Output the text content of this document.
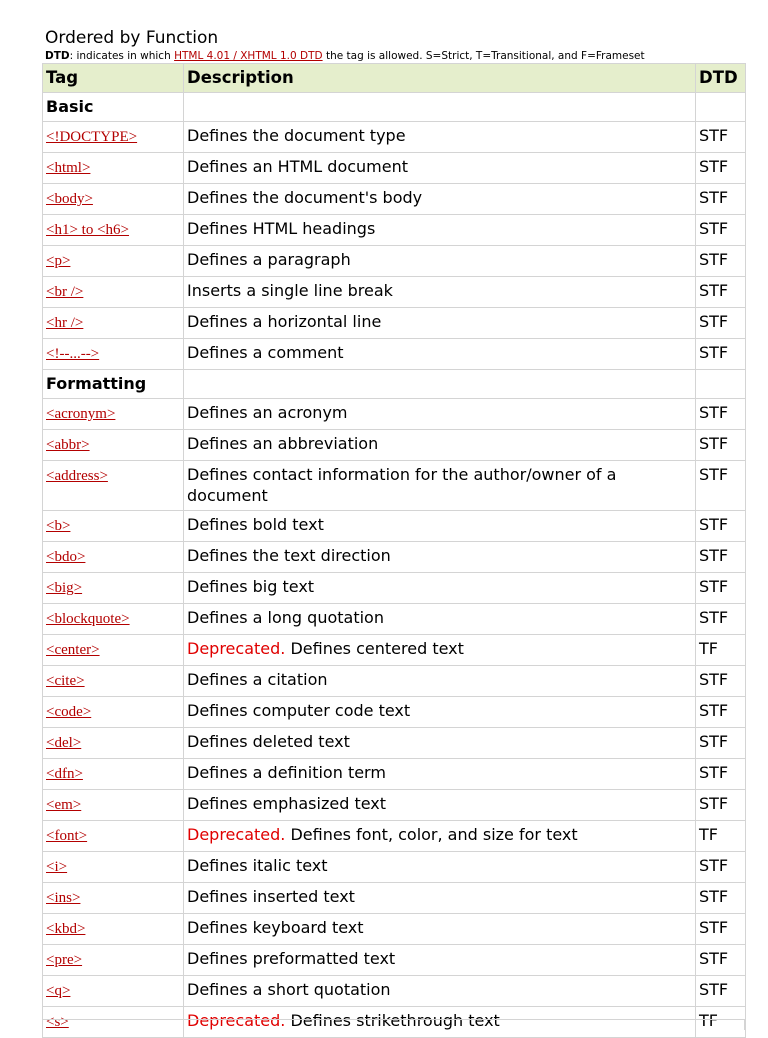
Ordered by Function
DTD: indicates in which HTML 4.01 / XHTML 1.0 DTD the tag is allowed. S=Strict, T=Transitional, and F=Frameset
Tag	Description	DTD
Basic		
<!DOCTYPE>	Defines the document type	STF
<html>	Defines an HTML document	STF
<body>	Defines the document's body	STF
<h1> to <h6>	Defines HTML headings	STF
<p>	Defines a paragraph	STF
<br />	Inserts a single line break	STF
<hr />	Defines a horizontal line	STF
<!--...-->	Defines a comment	STF
Formatting		
<acronym>	Defines an acronym	STF
<abbr>	Defines an abbreviation	STF
<address>	Defines contact information for the author/owner of a document	STF
<b>	Defines bold text	STF
<bdo>	Defines the text direction	STF
<big>	Defines big text	STF
<blockquote>	Defines a long quotation	STF
<center>	Deprecated. Defines centered text	TF
<cite>	Defines a citation	STF
<code>	Defines computer code text	STF
<del>	Defines deleted text	STF
<dfn>	Defines a definition term	STF
<em>	Defines emphasized text	STF
<font>	Deprecated. Defines font, color, and size for text	TF
<i>	Defines italic text	STF
<ins>	Defines inserted text	STF
<kbd>	Defines keyboard text	STF
<pre>	Defines preformatted text	STF
<q>	Defines a short quotation	STF
<s>	Deprecated. Defines strikethrough text	TF
